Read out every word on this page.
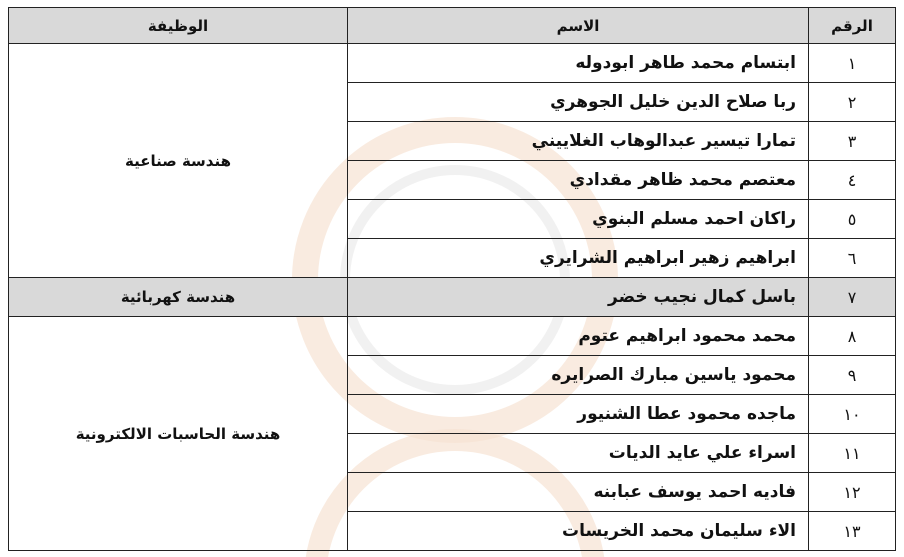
الرقم	الاسم	الوظيفة
١	ابتسام محمد طاهر ابودوله	هندسة صناعية
٢	ربا صلاح الدين خليل الجوهري	
٣	تمارا تيسير عبدالوهاب الغلاييني	
٤	معتصم محمد ظاهر مقدادي	
٥	راكان احمد مسلم البنوي	
٦	ابراهيم زهير ابراهيم الشرايري	
٧	باسل كمال نجيب خضر	هندسة كهربائية
٨	محمد محمود ابراهيم عتوم	هندسة الحاسبات الالكترونية
٩	محمود ياسين مبارك الصرايره	
١٠	ماجده محمود عطا الشنيور	
١١	اسراء علي عايد الديات	
١٢	فاديه احمد يوسف عبابنه	
١٣	الاء سليمان محمد الخريسات	
